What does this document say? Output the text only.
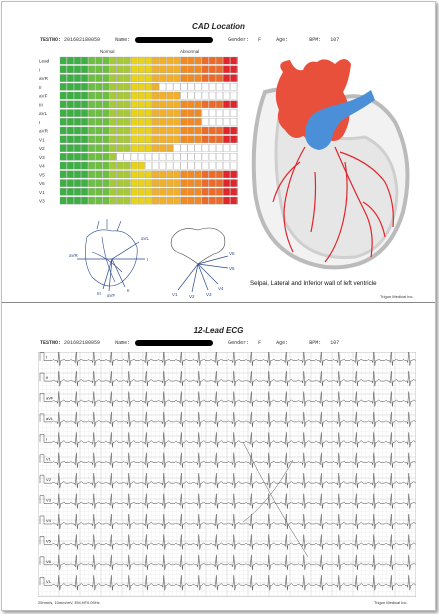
CAD Location
TESTNO: 201602180059	Name:	Gender: F	Age:	BPM: 107
Normal	Abnormal
Lead
I
aVR
II
aVF
III
aVL
I
aVR
V1
V2
V3
V4
V5
V6
V1
V3
aVL
I
II
III
aVR
aVF
V6
V5
V4
V3
V2
V1
Selpai, Lateral and Inferior wall of left ventricle
Trigon Medical Inc.
12-Lead ECG
TESTNO: 201602180059	Name:	Gender: F	Age:	BPM: 107
I
II
aVF
aVL
I
V1
V2
V3
V4
V5
V6
V1
25mm/s, 10mm/mV, EM,HF0.05Hz	Trigon Medical Inc.
